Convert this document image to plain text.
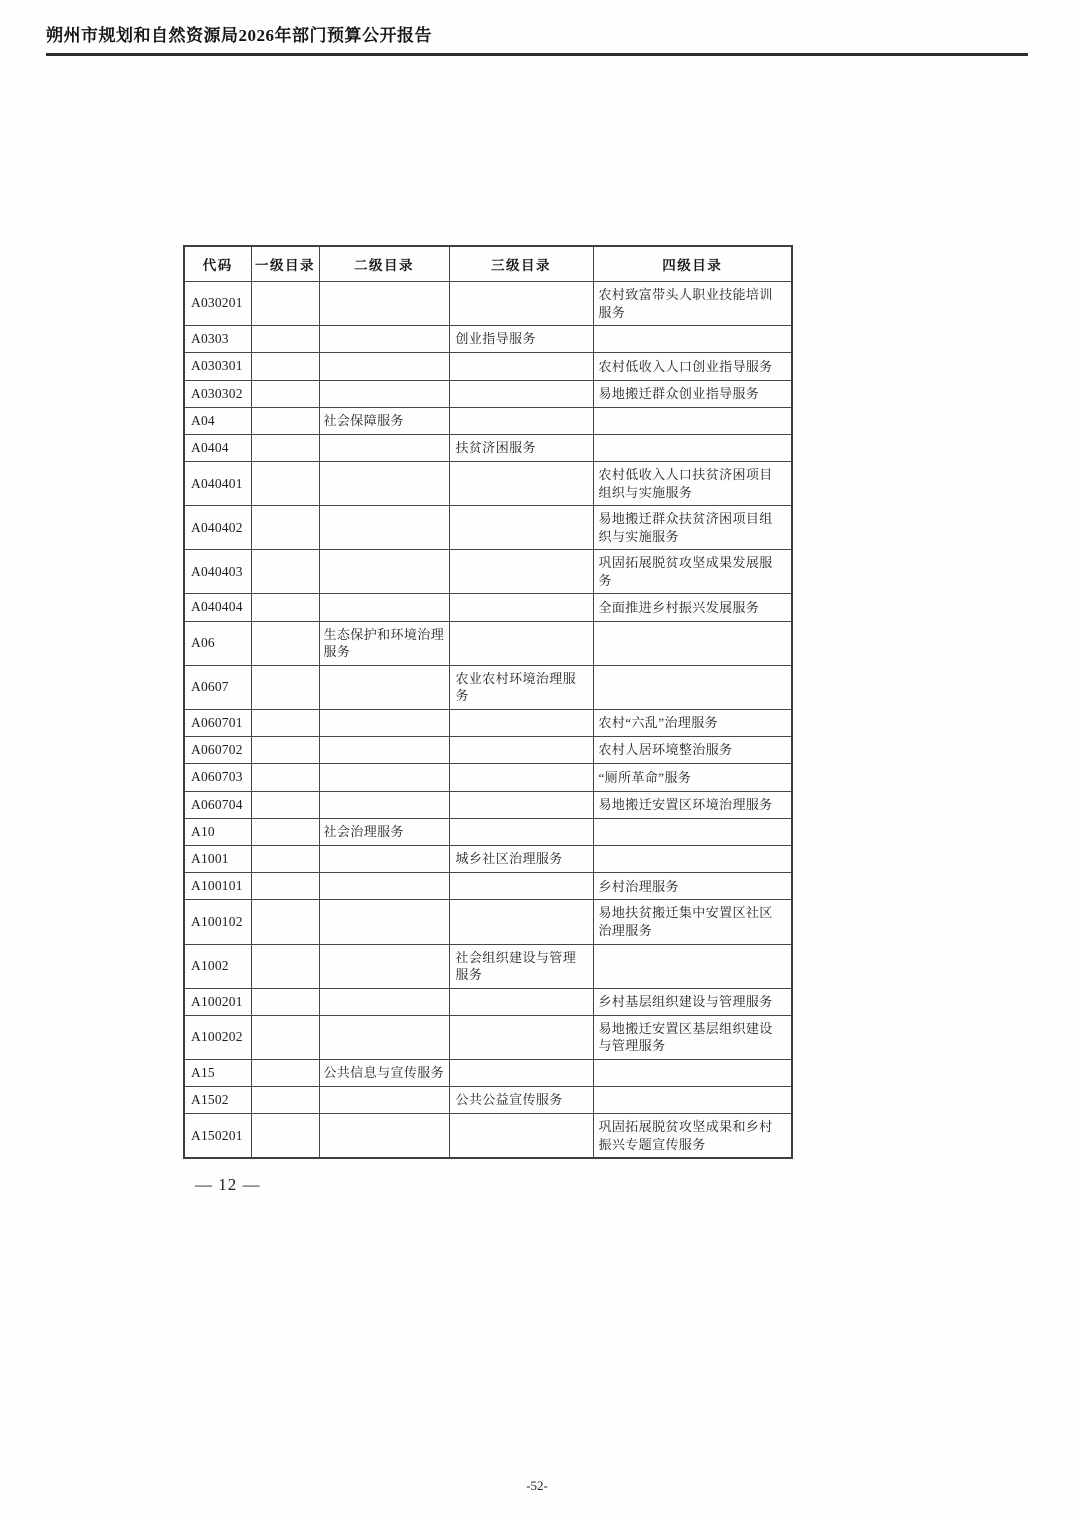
朔州市规划和自然资源局2026年部门预算公开报告
代码	一级目录	二级目录	三级目录	四级目录
A030201				农村致富带头人职业技能培训服务
A0303			创业指导服务	
A030301				农村低收入人口创业指导服务
A030302				易地搬迁群众创业指导服务
A04		社会保障服务		
A0404			扶贫济困服务	
A040401				农村低收入人口扶贫济困项目组织与实施服务
A040402				易地搬迁群众扶贫济困项目组织与实施服务
A040403				巩固拓展脱贫攻坚成果发展服务
A040404				全面推进乡村振兴发展服务
A06		生态保护和环境治理服务		
A0607			农业农村环境治理服务	
A060701				农村“六乱”治理服务
A060702				农村人居环境整治服务
A060703				“厕所革命”服务
A060704				易地搬迁安置区环境治理服务
A10		社会治理服务		
A1001			城乡社区治理服务	
A100101				乡村治理服务
A100102				易地扶贫搬迁集中安置区社区治理服务
A1002			社会组织建设与管理服务	
A100201				乡村基层组织建设与管理服务
A100202				易地搬迁安置区基层组织建设与管理服务
A15		公共信息与宣传服务		
A1502			公共公益宣传服务	
A150201				巩固拓展脱贫攻坚成果和乡村振兴专题宣传服务
— 12 —
-52-
